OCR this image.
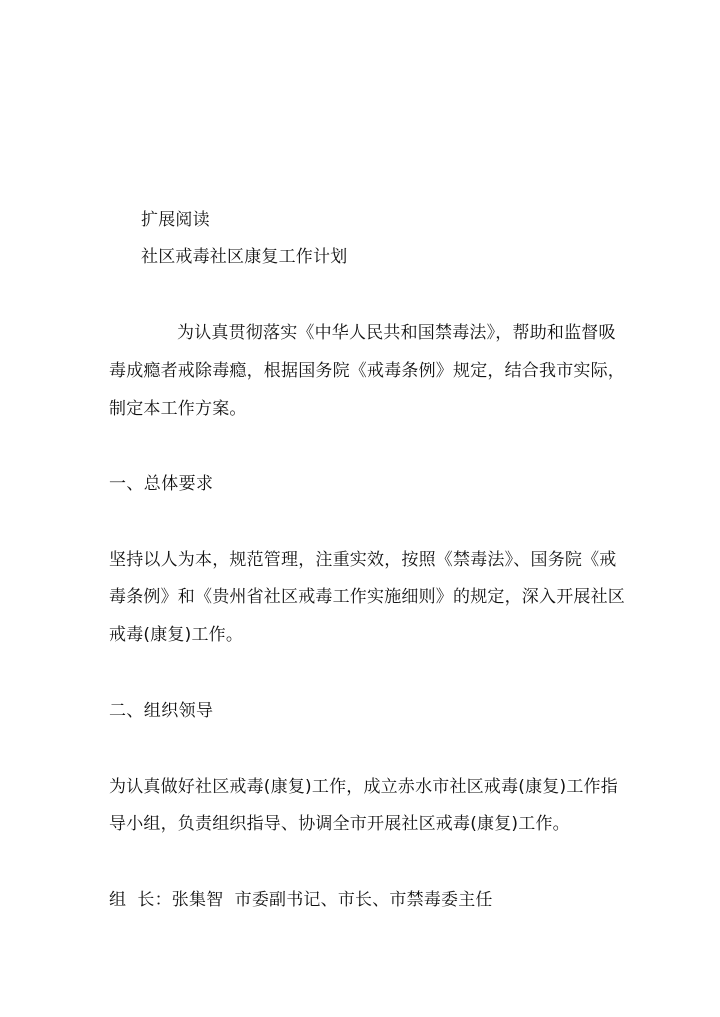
扩展阅读
社区戒毒社区康复工作计划
为认真贯彻落实《中华人民共和国禁毒法》，帮助和监督吸
毒成瘾者戒除毒瘾，根据国务院《戒毒条例》规定，结合我市实际，
制定本工作方案。
一、总体要求
坚持以人为本，规范管理，注重实效，按照《禁毒法》、国务院《戒
毒条例》和《贵州省社区戒毒工作实施细则》的规定，深入开展社区
戒毒(康复)工作。
二、组织领导
为认真做好社区戒毒(康复)工作，成立赤水市社区戒毒(康复)工作指
导小组，负责组织指导、协调全市开展社区戒毒(康复)工作。
组  长：张集智  市委副书记、市长、市禁毒委主任
